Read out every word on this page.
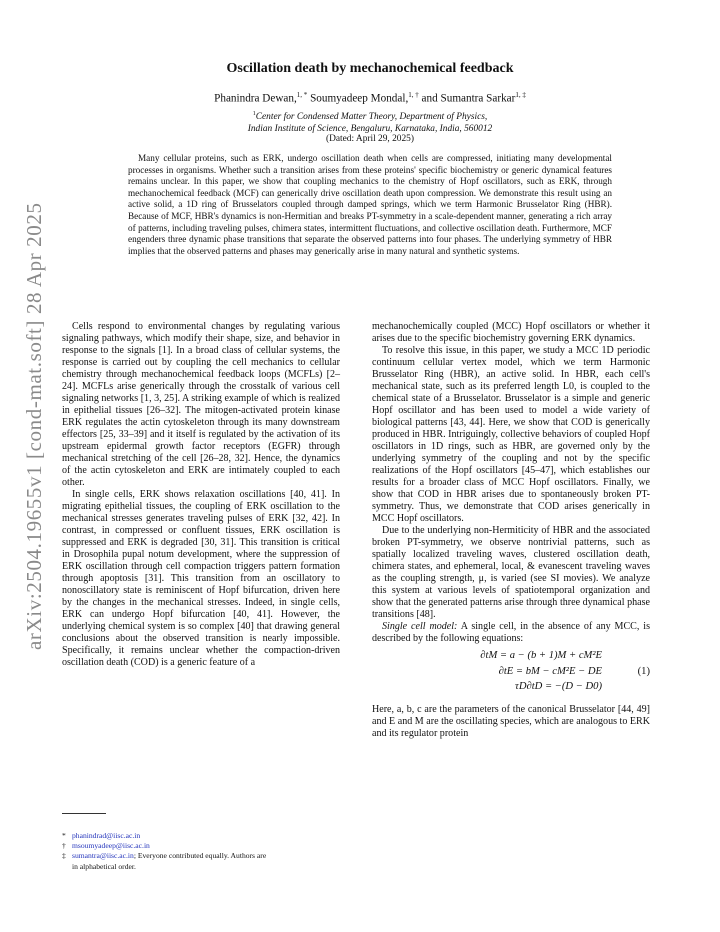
arXiv:2504.19655v1 [cond-mat.soft] 28 Apr 2025
Oscillation death by mechanochemical feedback
Phanindra Dewan,$^{1, *}$ Soumyadeep Mondal,$^{1, \dagger}$ and Sumantra Sarkar$^{1, \ddagger}$
$^1$Center for Condensed Matter Theory, Department of Physics,
Indian Institute of Science, Bengaluru, Karnataka, India, 560012
(Dated: April 29, 2025)
Many cellular proteins, such as ERK, undergo oscillation death when cells are compressed, initiating many developmental processes in organisms. Whether such a transition arises from these proteins' specific biochemistry or generic dynamical features remains unclear. In this paper, we show that coupling mechanics to the chemistry of Hopf oscillators, such as ERK, through mechanochemical feedback (MCF) can generically drive oscillation death upon compression. We demonstrate this result using an active solid, a 1D ring of Brusselators coupled through damped springs, which we term Harmonic Brusselator Ring (HBR). Because of MCF, HBR's dynamics is non-Hermitian and breaks PT-symmetry in a scale-dependent manner, generating a rich array of patterns, including traveling pulses, chimera states, intermittent fluctuations, and collective oscillation death. Furthermore, MCF engenders three dynamic phase transitions that separate the observed patterns into four phases. The underlying symmetry of HBR implies that the observed patterns and phases may generically arise in many natural and synthetic systems.

Cells respond to environmental changes by regulating various signaling pathways, which modify their shape, size, and behavior in response to the signals [1]. In a broad class of cellular systems, the response is carried out by coupling the cell mechanics to cellular chemistry through mechanochemical feedback loops (MCFLs) [2–24]. MCFLs arise generically through the crosstalk of various cell signaling networks [1, 3, 25]. A striking example of which is realized in epithelial tissues [26–32]. The mitogen-activated protein kinase ERK regulates the actin cytoskeleton through its many downstream effectors [25, 33–39] and it itself is regulated by the activation of its upstream epidermal growth factor receptors (EGFR) through mechanical stretching of the cell [26–28, 32]. Hence, the dynamics of the actin cytoskeleton and ERK are intimately coupled to each other.

In single cells, ERK shows relaxation oscillations [40, 41]. In migrating epithelial tissues, the coupling of ERK oscillation to the mechanical stresses generates traveling pulses of ERK [32, 42]. In contrast, in compressed or confluent tissues, ERK oscillation is suppressed and ERK is degraded [30, 31]. This transition is critical in Drosophila pupal notum development, where the suppression of ERK oscillation through cell compaction triggers pattern formation through apoptosis [31]. This transition from an oscillatory to nonoscillatory state is reminiscent of Hopf bifurcation, driven here by the changes in the mechanical stresses. Indeed, in single cells, ERK can undergo Hopf bifurcation [40, 41]. However, the underlying chemical system is so complex [40] that drawing general conclusions about the observed transition is nearly impossible. Specifically, it remains unclear whether the compaction-driven oscillation death (COD) is a generic feature of a

* phanindrad@iisc.ac.in

† msoumyadeep@iisc.ac.in

‡ sumantra@iisc.ac.in; Everyone contributed equally. Authors are

in alphabetical order.

mechanochemically coupled (MCC) Hopf oscillators or whether it arises due to the specific biochemistry governing ERK dynamics.

To resolve this issue, in this paper, we study a MCC 1D periodic continuum cellular vertex model, which we term Harmonic Brusselator Ring (HBR), an active solid. In HBR, each cell's mechanical state, such as its preferred length L0, is coupled to the chemical state of a Brusselator. Brusselator is a simple and generic Hopf oscillator and has been used to model a wide variety of biological patterns [43, 44]. Here, we show that COD is generically produced in HBR. Intriguingly, collective behaviors of coupled Hopf oscillators in 1D rings, such as HBR, are governed only by the underlying symmetry of the coupling and not by the specific realizations of the Hopf oscillators [45–47], which establishes our results for a broader class of MCC Hopf oscillators. Finally, we show that COD in HBR arises due to spontaneously broken PT-symmetry. Thus, we demonstrate that COD arises generically in MCC Hopf oscillators.

Due to the underlying non-Hermiticity of HBR and the associated broken PT-symmetry, we observe nontrivial patterns, such as spatially localized traveling waves, clustered oscillation death, chimera states, and ephemeral, local, & evanescent traveling waves as the coupling strength, μ, is varied (see SI movies). We analyze this system at various levels of spatiotemporal organization and show that the generated patterns arise through three dynamical phase transitions [48].

Single cell model: A single cell, in the absence of any MCC, is described by the following equations:

∂tM = a − (b + 1)M + cM²E
∂tE = bM − cM²E − DE
τD∂tD = −(D − D0)
(1)

Here, a, b, c are the parameters of the canonical Brusselator [44, 49] and E and M are the oscillating species, which are analogous to ERK and its regulator protein
